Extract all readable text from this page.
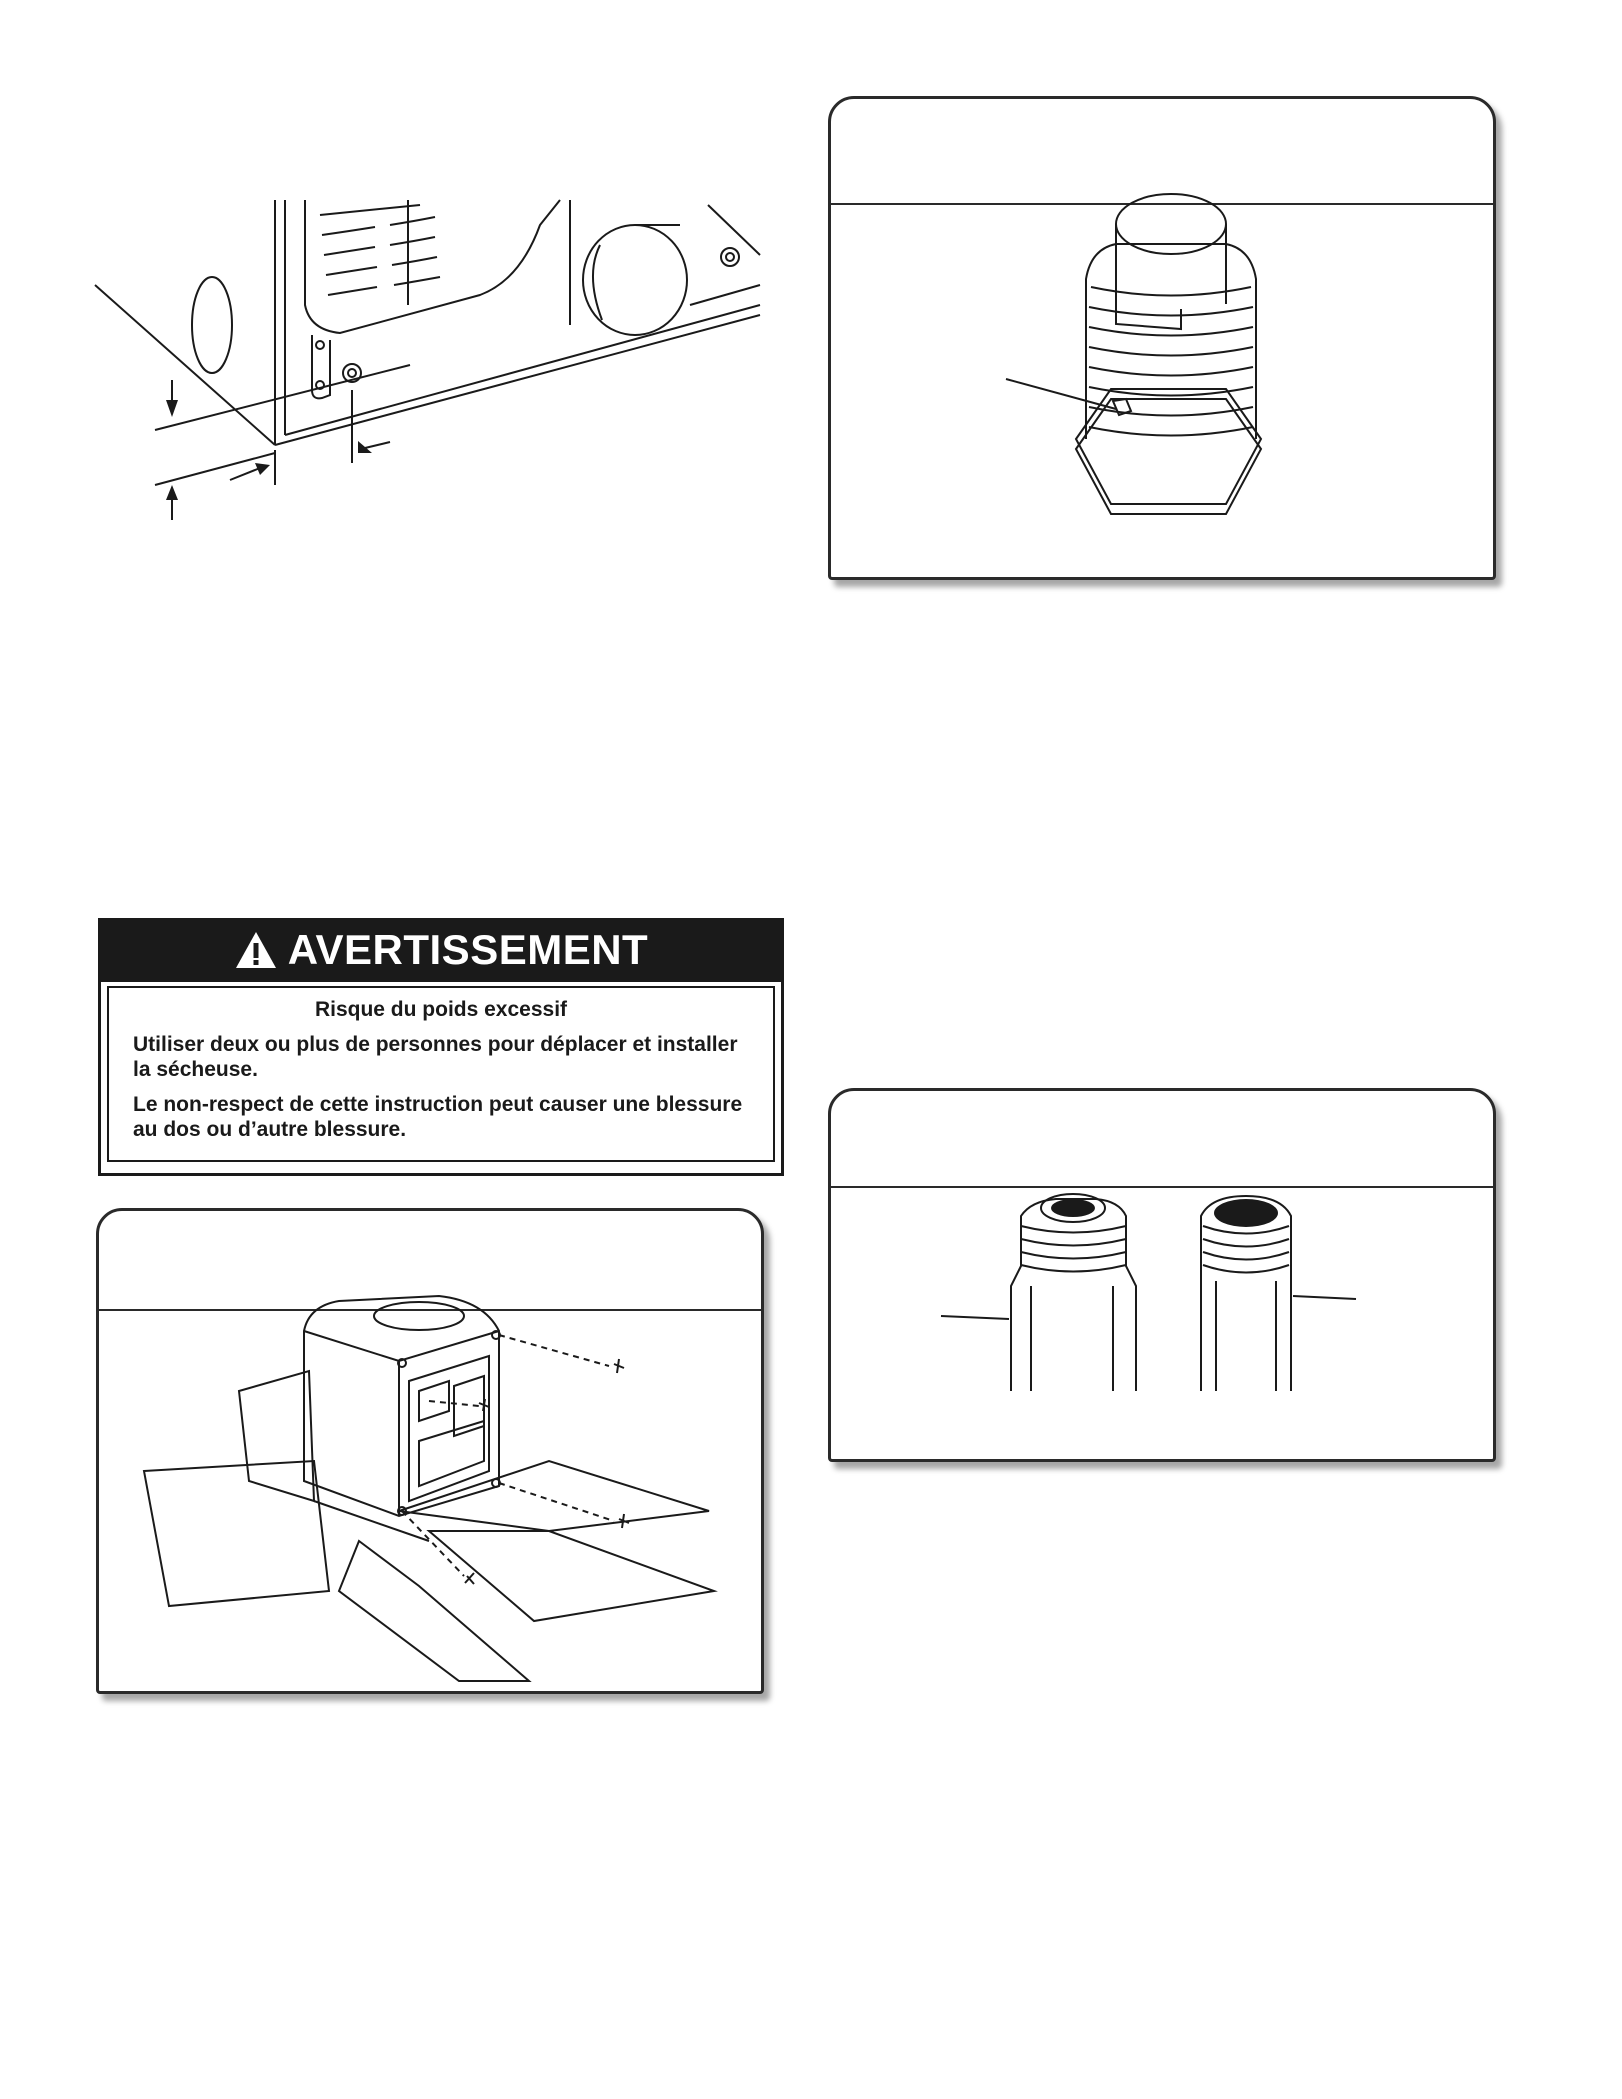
AVERTISSEMENT

Risque du poids excessif

Utiliser deux ou plus de personnes pour déplacer et installer la sécheuse.

Le non-respect de cette instruction peut causer une blessure au dos ou d’autre blessure.
